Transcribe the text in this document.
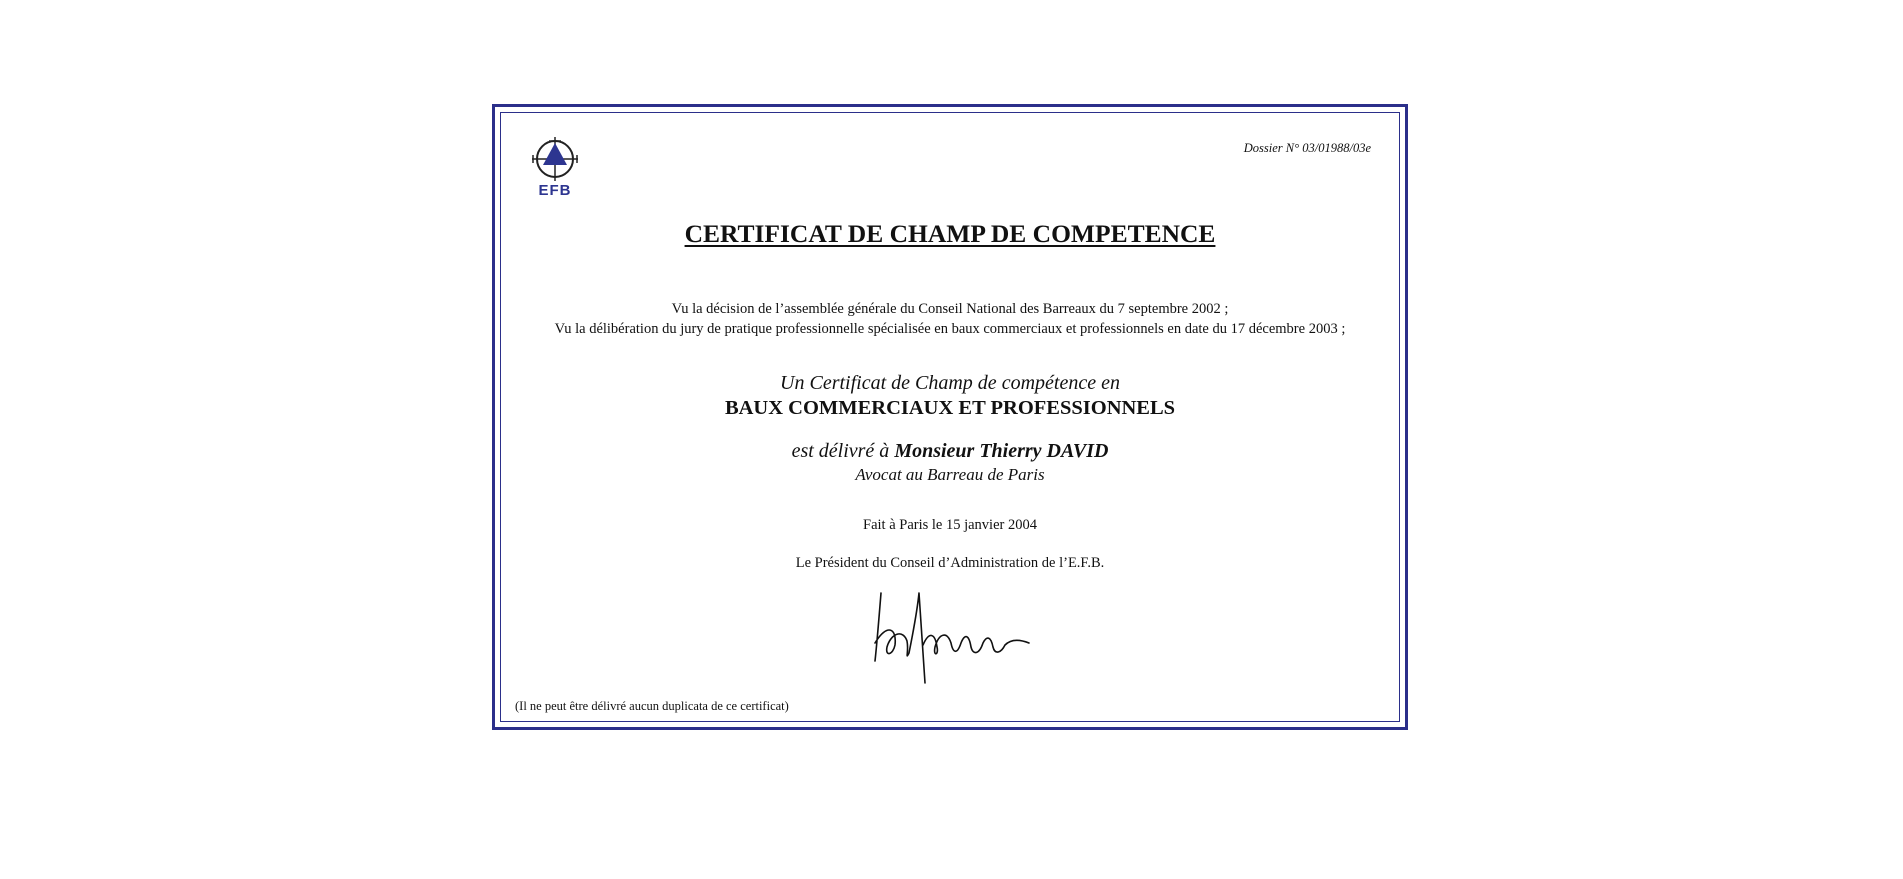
EFB
Dossier N° 03/01988/03e
CERTIFICAT DE CHAMP DE COMPETENCE
Vu la décision de l’assemblée générale du Conseil National des Barreaux du 7 septembre 2002 ;
Vu la délibération du jury de pratique professionnelle spécialisée en baux commerciaux et professionnels en date du 17 décembre 2003 ;
Un Certificat de Champ de compétence en
BAUX COMMERCIAUX ET PROFESSIONNELS
est délivré à Monsieur Thierry DAVID
Avocat au Barreau de Paris
Fait à Paris le 15 janvier 2004
Le Président du Conseil d’Administration de l’E.F.B.
(Il ne peut être délivré aucun duplicata de ce certificat)
